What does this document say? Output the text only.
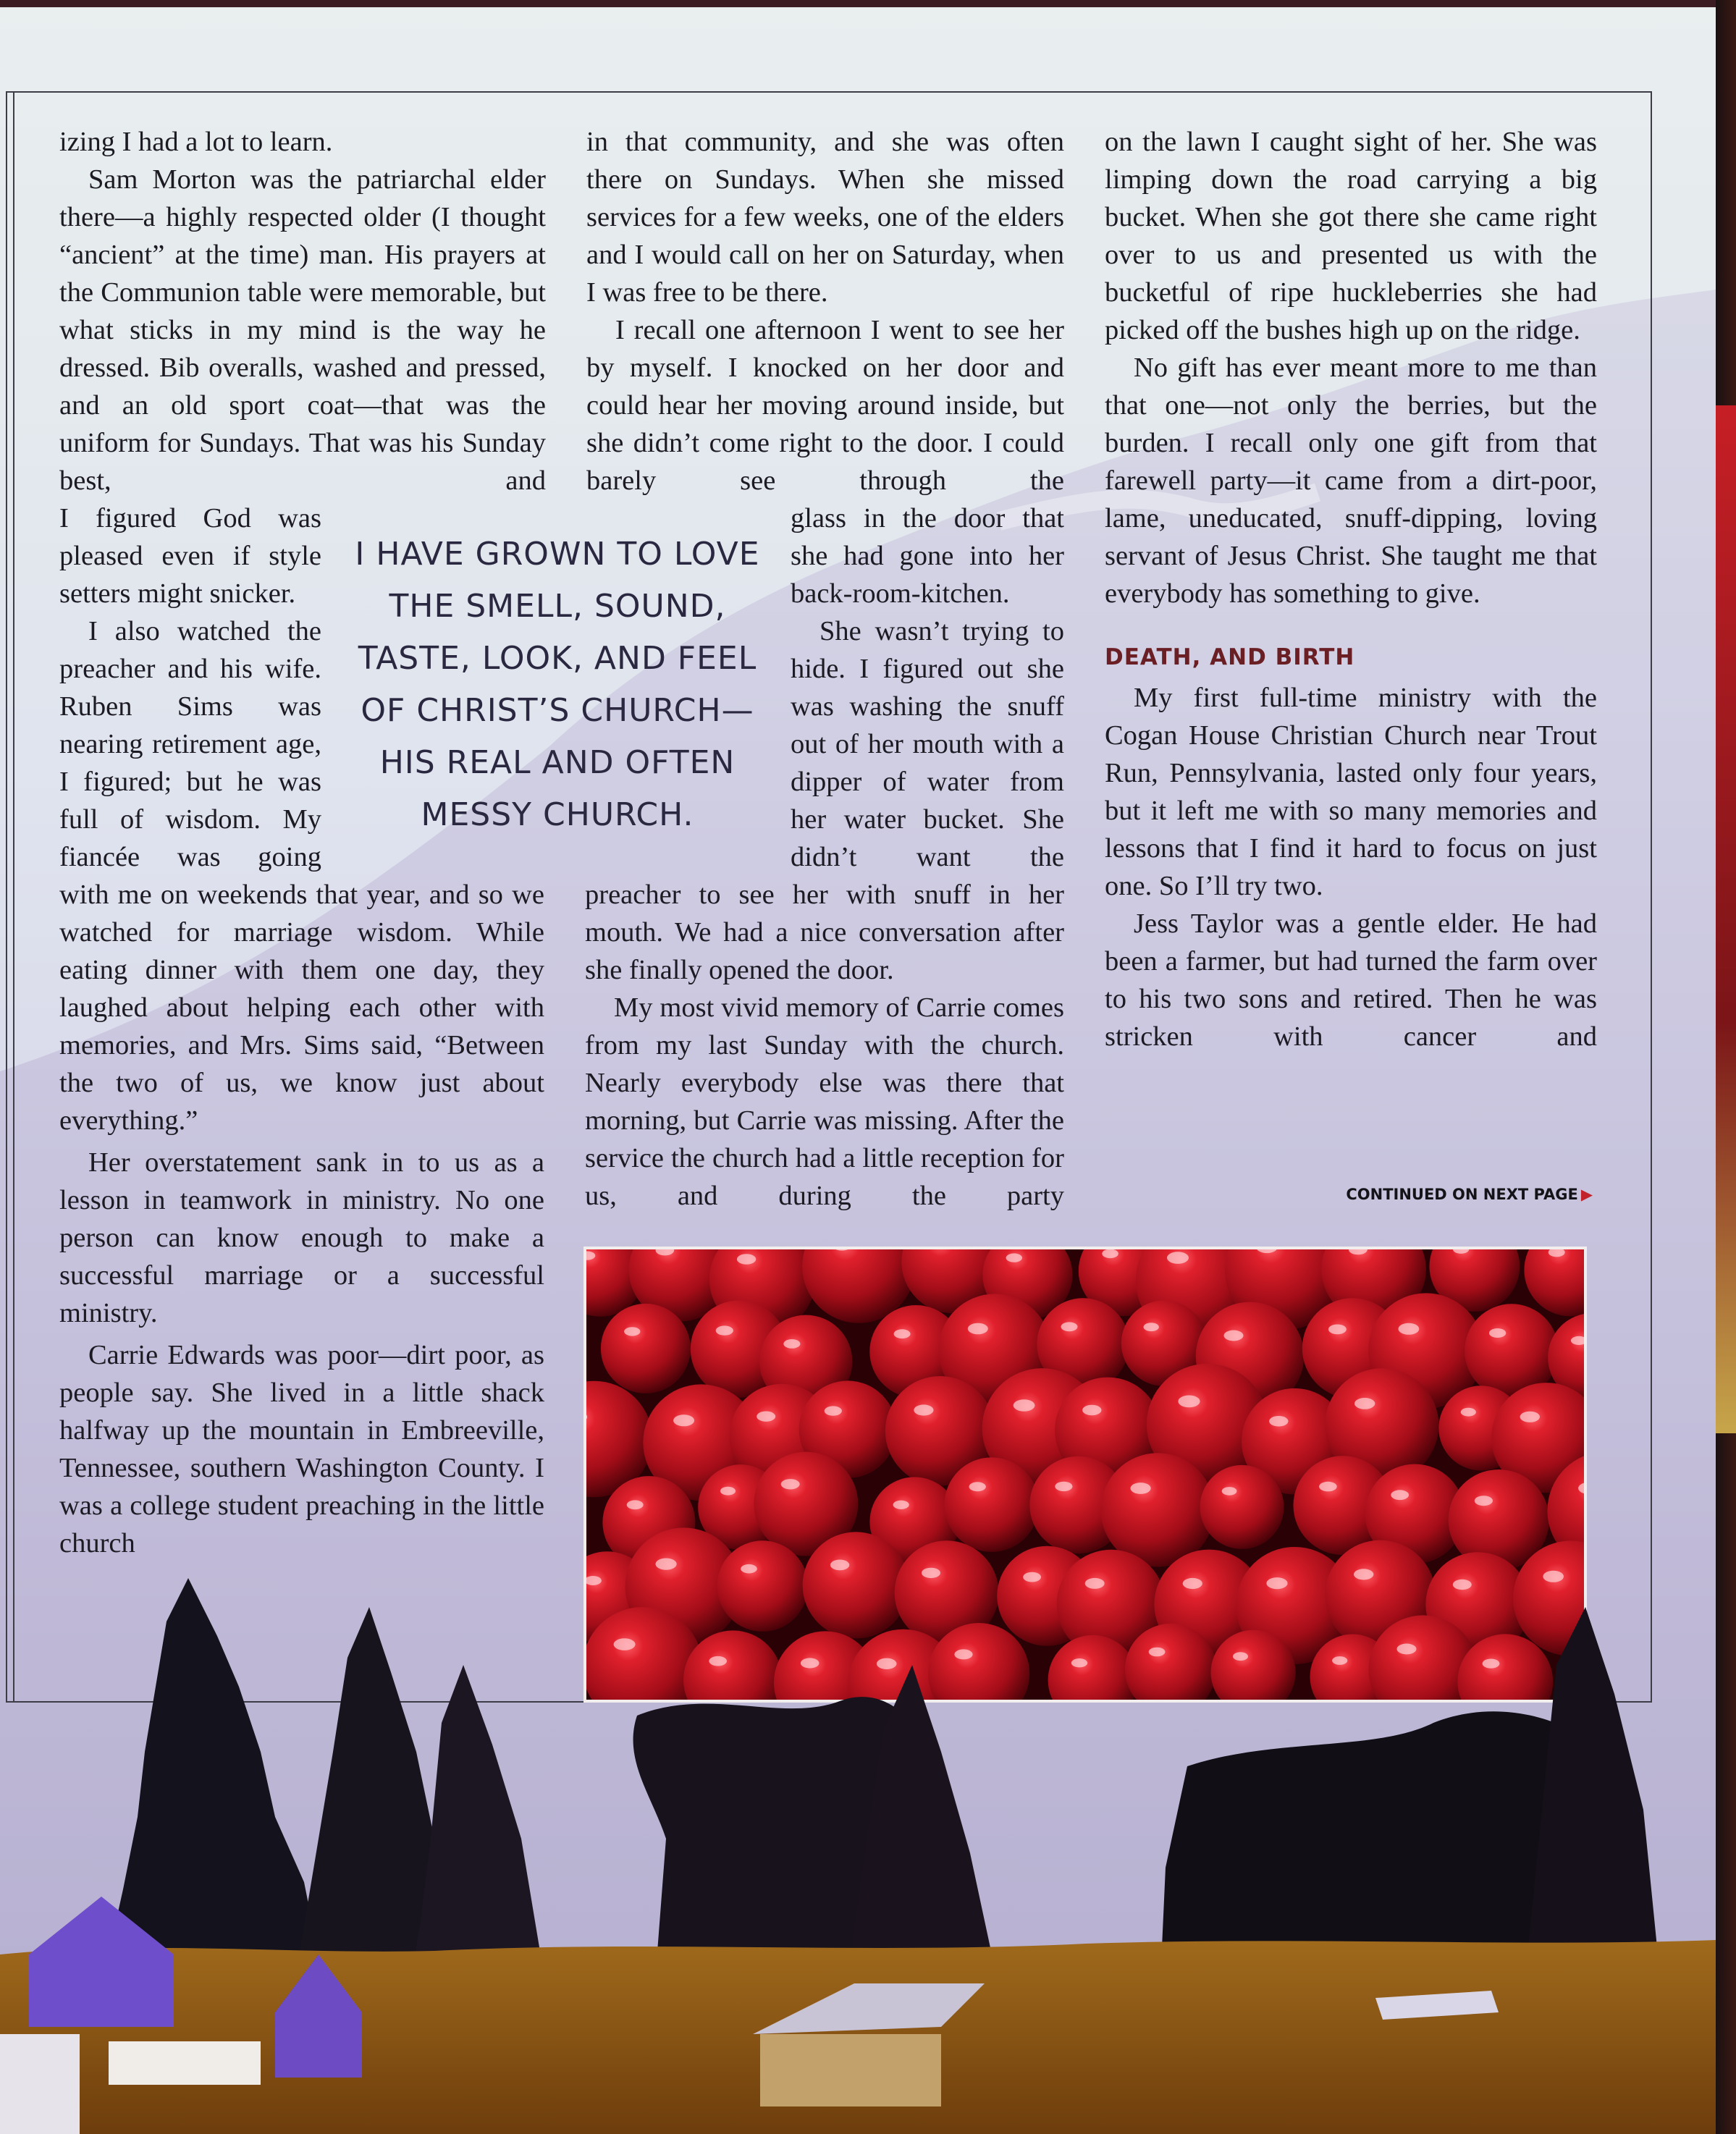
izing I had a lot to learn.

Sam Morton was the patriarchal elder there—a highly respected older (I thought “ancient” at the time) man. His prayers at the Communion table were memorable, but what sticks in my mind is the way he dressed. Bib overalls, washed and pressed, and an old sport coat—that was the uniform for Sundays. That was his Sunday best, and

I figured God was pleased even if style setters might snicker.

I also watched the preacher and his wife. Ruben Sims was nearing retirement age, I figured; but he was full of wisdom. My fiancée was going

with me on weekends that year, and so we watched for marriage wisdom. While eating dinner with them one day, they laughed about helping each other with memories, and Mrs. Sims said, “Between the two of us, we know just about everything.”

Her overstatement sank in to us as a lesson in teamwork in ministry. No one person can know enough to make a successful marriage or a successful ministry.

Carrie Edwards was poor—dirt poor, as people say. She lived in a little shack halfway up the mountain in Embreeville, Tennessee, southern Washington County. I was a college student preaching in the little church

I HAVE GROWN TO LOVE

THE SMELL, SOUND,

TASTE, LOOK, AND FEEL

OF CHRIST’S CHURCH—

HIS REAL AND OFTEN

MESSY CHURCH.

in that community, and she was often there on Sundays. When she missed services for a few weeks, one of the elders and I would call on her on Saturday, when I was free to be there.

I recall one afternoon I went to see her by myself. I knocked on her door and could hear her moving around inside, but she didn’t come right to the door. I could barely see through the

glass in the door that she had gone into her back-room-kitchen.

She wasn’t trying to hide. I figured out she was washing the snuff out of her mouth with a dipper of water from her water bucket. She didn’t want the

preacher to see her with snuff in her mouth. We had a nice conversation after she finally opened the door.

My most vivid memory of Carrie comes from my last Sunday with the church. Nearly everybody else was there that morning, but Carrie was missing. After the service the church had a little reception for us, and during the party

on the lawn I caught sight of her. She was limping down the road carrying a big bucket. When she got there she came right over to us and presented us with the bucketful of ripe huckleberries she had picked off the bushes high up on the ridge.

No gift has ever meant more to me than that one—not only the berries, but the burden. I recall only one gift from that farewell party—it came from a dirt-poor, lame, uneducated, snuff-dipping, loving servant of Jesus Christ. She taught me that everybody has something to give.

DEATH, AND BIRTH

My first full-time ministry with the Cogan House Christian Church near Trout Run, Pennsylvania, lasted only four years, but it left me with so many memories and lessons that I find it hard to focus on just one. So I’ll try two.

Jess Taylor was a gentle elder. He had been a farmer, but had turned the farm over to his two sons and retired. Then he was stricken with cancer and

CONTINUED ON NEXT PAGE ▶
